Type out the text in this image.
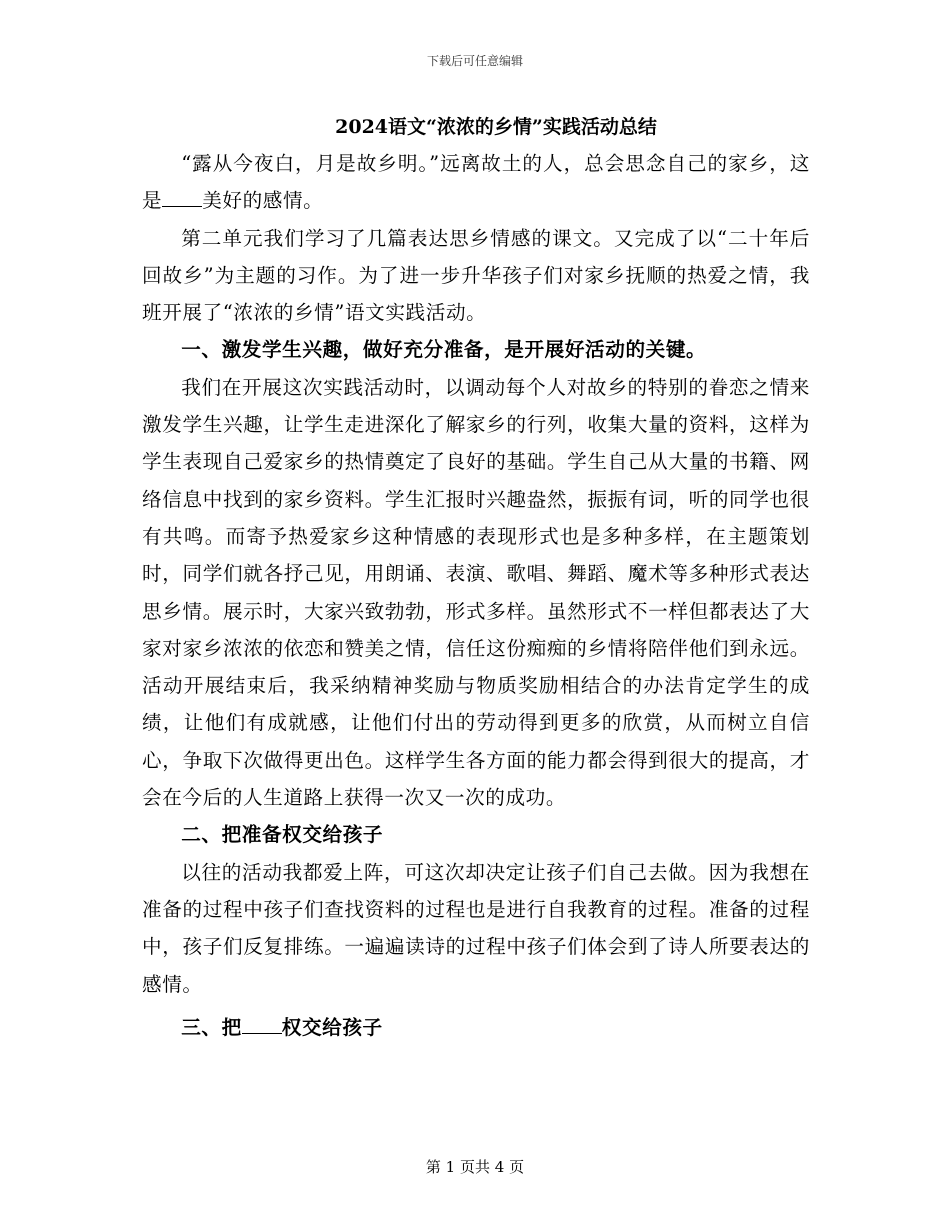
下载后可任意编辑
2024语文“浓浓的乡情”实践活动总结

“露从今夜白，月是故乡明。”远离故土的人，总会思念自己的家乡，这是 美好的感情。

第二单元我们学习了几篇表达思乡情感的课文。又完成了以“二十年后回故乡”为主题的习作。为了进一步升华孩子们对家乡抚顺的热爱之情，我班开展了“浓浓的乡情”语文实践活动。

一、激发学生兴趣，做好充分准备，是开展好活动的关键。

我们在开展这次实践活动时，以调动每个人对故乡的特别的眷恋之情来激发学生兴趣，让学生走进深化了解家乡的行列，收集大量的资料，这样为学生表现自己爱家乡的热情奠定了良好的基础。学生自己从大量的书籍、网络信息中找到的家乡资料。学生汇报时兴趣盎然，振振有词，听的同学也很有共鸣。而寄予热爱家乡这种情感的表现形式也是多种多样，在主题策划时，同学们就各抒己见，用朗诵、表演、歌唱、舞蹈、魔术等多种形式表达思乡情。展示时，大家兴致勃勃，形式多样。虽然形式不一样但都表达了大家对家乡浓浓的依恋和赞美之情，信任这份痴痴的乡情将陪伴他们到永远。活动开展结束后，我采纳精神奖励与物质奖励相结合的办法肯定学生的成绩，让他们有成就感，让他们付出的劳动得到更多的欣赏，从而树立自信心，争取下次做得更出色。这样学生各方面的能力都会得到很大的提高，才会在今后的人生道路上获得一次又一次的成功。

二、把准备权交给孩子

以往的活动我都爱上阵，可这次却决定让孩子们自己去做。因为我想在准备的过程中孩子们查找资料的过程也是进行自我教育的过程。准备的过程中，孩子们反复排练。一遍遍读诗的过程中孩子们体会到了诗人所要表达的感情。

三、把 权交给孩子

第 1 页共 4 页
